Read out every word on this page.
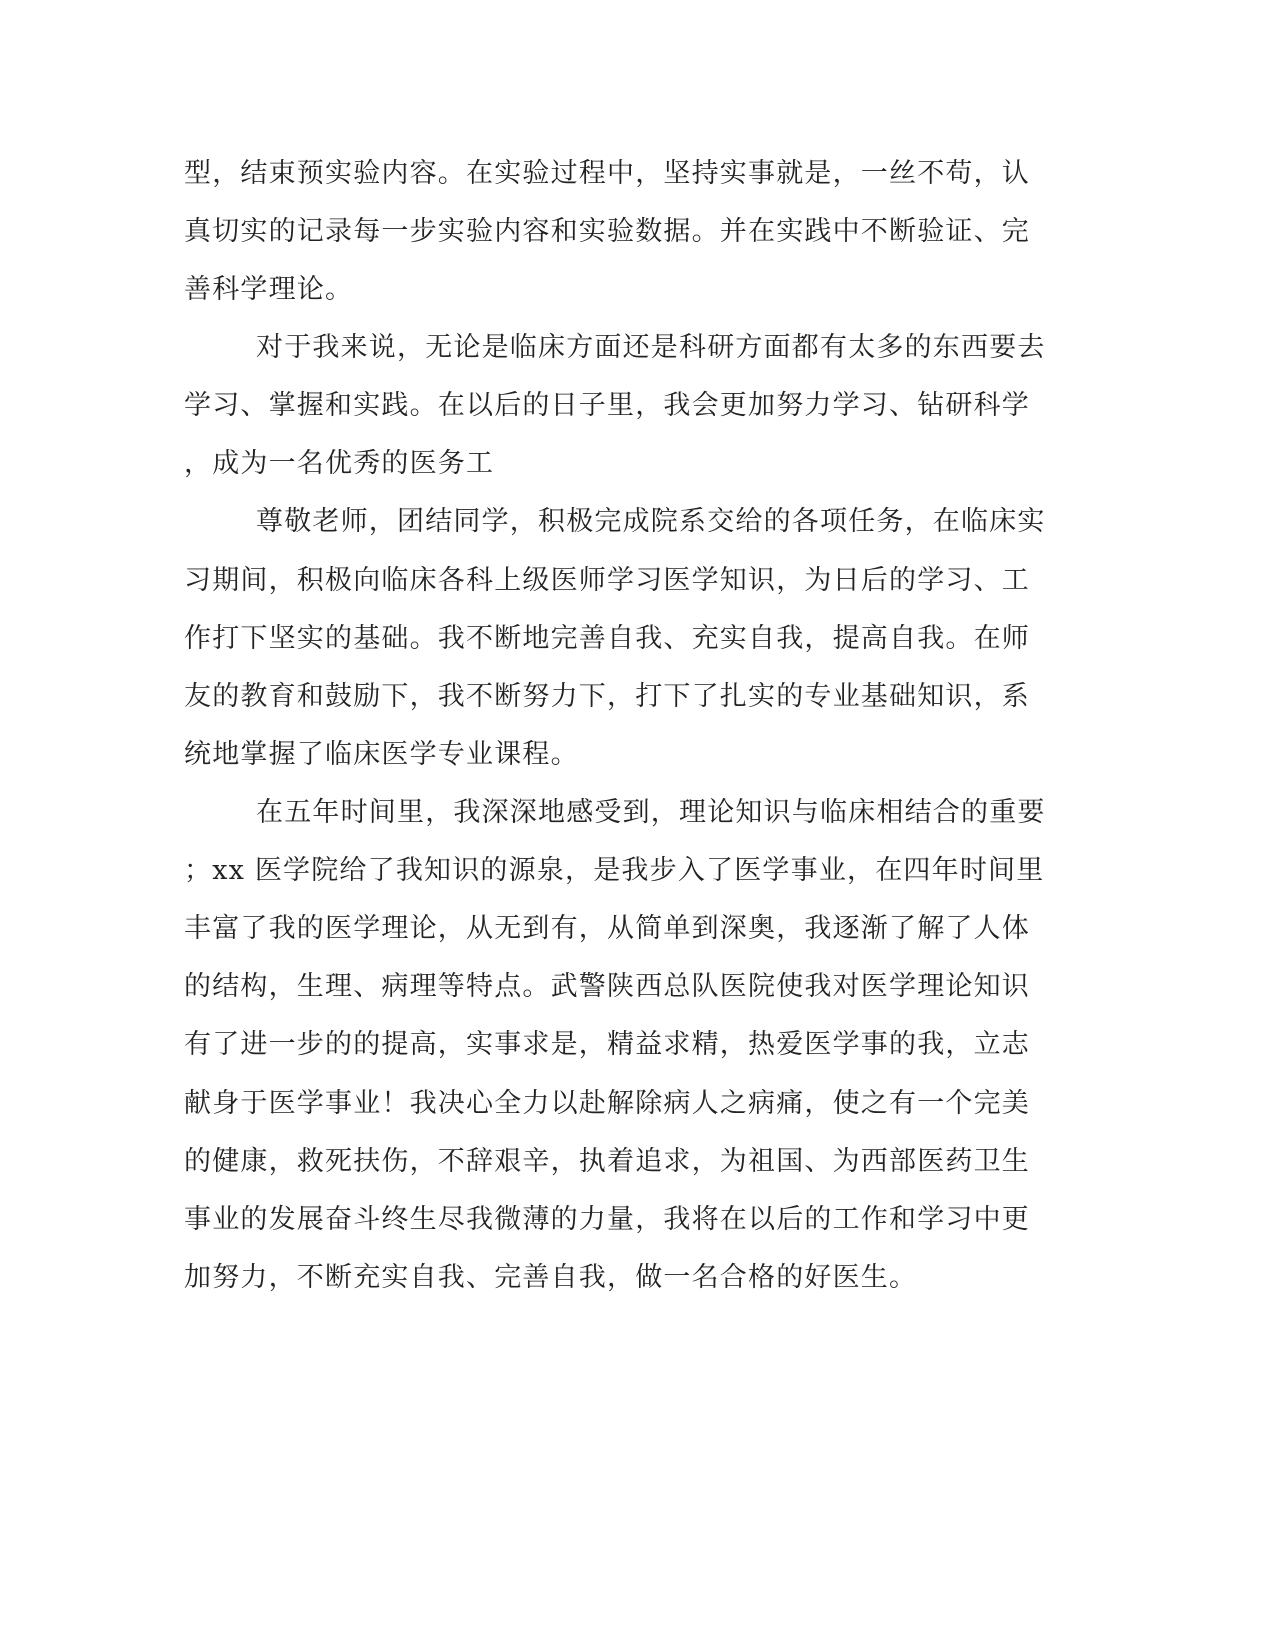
型，结束预实验内容。在实验过程中，坚持实事就是，一丝不苟，认
真切实的记录每一步实验内容和实验数据。并在实践中不断验证、完
善科学理论。
对于我来说，无论是临床方面还是科研方面都有太多的东西要去
学习、掌握和实践。在以后的日子里，我会更加努力学习、钻研科学
，成为一名优秀的医务工
尊敬老师，团结同学，积极完成院系交给的各项任务，在临床实
习期间，积极向临床各科上级医师学习医学知识，为日后的学习、工
作打下坚实的基础。我不断地完善自我、充实自我，提高自我。在师
友的教育和鼓励下，我不断努力下，打下了扎实的专业基础知识，系
统地掌握了临床医学专业课程。
在五年时间里，我深深地感受到，理论知识与临床相结合的重要
；xx 医学院给了我知识的源泉，是我步入了医学事业，在四年时间里
丰富了我的医学理论，从无到有，从简单到深奥，我逐渐了解了人体
的结构，生理、病理等特点。武警陕西总队医院使我对医学理论知识
有了进一步的的提高，实事求是，精益求精，热爱医学事的我，立志
献身于医学事业！我决心全力以赴解除病人之病痛，使之有一个完美
的健康，救死扶伤，不辞艰辛，执着追求，为祖国、为西部医药卫生
事业的发展奋斗终生尽我微薄的力量，我将在以后的工作和学习中更
加努力，不断充实自我、完善自我，做一名合格的好医生。
